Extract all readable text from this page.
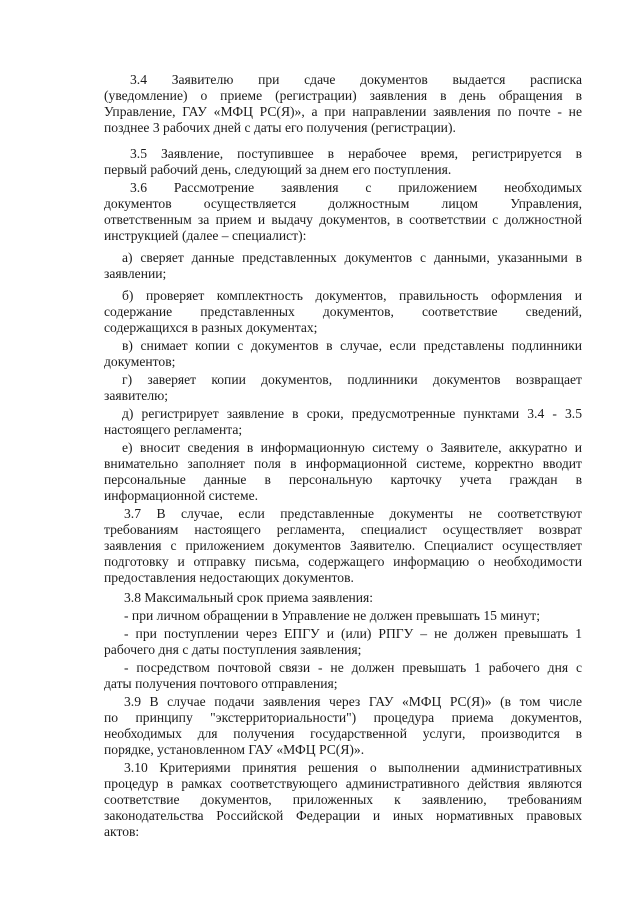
3.4 Заявителю при сдаче документов выдается расписка
(уведомление) о приеме (регистрации) заявления в день обращения в
Управление, ГАУ «МФЦ РС(Я)», а при направлении заявления по почте - не
позднее 3 рабочих дней с даты его получения (регистрации).
3.5 Заявление, поступившее в нерабочее время, регистрируется в
первый рабочий день, следующий за днем его поступления.
3.6 Рассмотрение заявления с приложением необходимых
документов осуществляется должностным лицом Управления,
ответственным за прием и выдачу документов, в соответствии с должностной
инструкцией (далее – специалист):
а) сверяет данные представленных документов с данными, указанными в
заявлении;
б) проверяет комплектность документов, правильность оформления и
содержание представленных документов, соответствие сведений,
содержащихся в разных документах;
в) снимает копии с документов в случае, если представлены подлинники
документов;
г) заверяет копии документов, подлинники документов возвращает
заявителю;
д) регистрирует заявление в сроки, предусмотренные пунктами 3.4 - 3.5
настоящего регламента;
е) вносит сведения в информационную систему о Заявителе, аккуратно и
внимательно заполняет поля в информационной системе, корректно вводит
персональные данные в персональную карточку учета граждан в
информационной системе.
3.7 В случае, если представленные документы не соответствуют
требованиям настоящего регламента, специалист осуществляет возврат
заявления с приложением документов Заявителю. Специалист осуществляет
подготовку и отправку письма, содержащего информацию о необходимости
предоставления недостающих документов.
3.8 Максимальный срок приема заявления:
- при личном обращении в Управление не должен превышать 15 минут;
- при поступлении через ЕПГУ и (или) РПГУ – не должен превышать 1
рабочего дня с даты поступления заявления;
- посредством почтовой связи - не должен превышать 1 рабочего дня с
даты получения почтового отправления;
3.9 В случае подачи заявления через ГАУ «МФЦ РС(Я)» (в том числе
по принципу "экстерриториальности") процедура приема документов,
необходимых для получения государственной услуги, производится в
порядке, установленном ГАУ «МФЦ РС(Я)».
3.10 Критериями принятия решения о выполнении административных
процедур в рамках соответствующего административного действия являются
соответствие документов, приложенных к заявлению, требованиям
законодательства Российской Федерации и иных нормативных правовых
актов:
